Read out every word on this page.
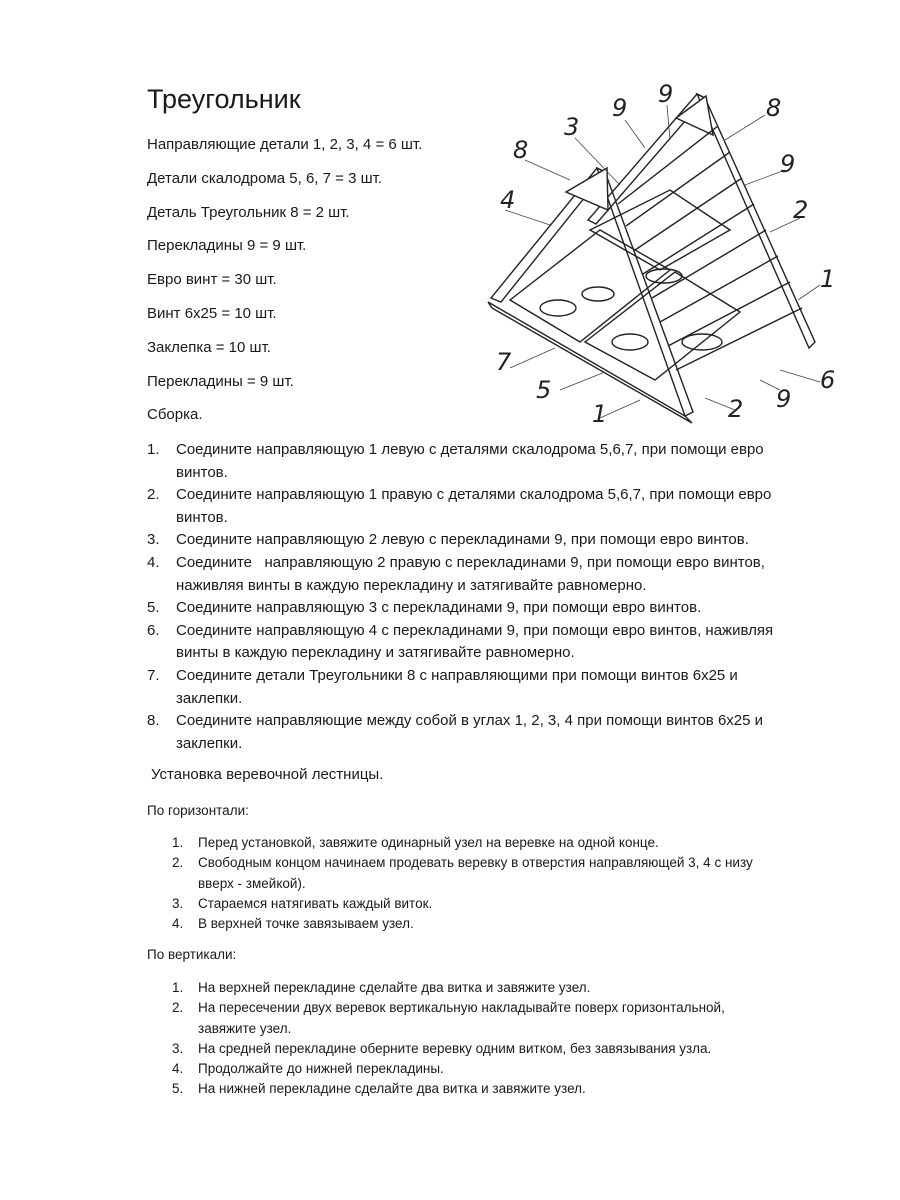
Треугольник
Направляющие детали 1, 2, 3, 4 = 6 шт.
Детали скалодрома 5, 6, 7 = 3 шт.
Деталь Треугольник 8 = 2 шт.
Перекладины 9 = 9 шт.
Евро винт = 30 шт.
Винт 6х25 = 10 шт.
Заклепка = 10 шт.
Перекладины = 9 шт.
Сборка.
9 9	8
3
8	9
4	2
1
7
6
5	9
2
1
1.	Соедините направляющую 1 левую с деталями скалодрома 5,6,7, при помощи евро винтов.
2.	Соедините направляющую 1 правую с деталями скалодрома 5,6,7, при помощи евро винтов.
3.	Соедините направляющую 2 левую с перекладинами 9, при помощи евро винтов.
4.	Соедините   направляющую 2 правую с перекладинами 9, при помощи евро винтов, наживляя винты в каждую перекладину и затягивайте равномерно.
5.	Соедините направляющую 3 с перекладинами 9, при помощи евро винтов.
6.	Соедините направляющую 4 с перекладинами 9, при помощи евро винтов, наживляя винты в каждую перекладину и затягивайте равномерно.
7.	Соедините детали Треугольники 8 с направляющими при помощи винтов 6х25 и заклепки.
8.	Соедините направляющие между собой в углах 1, 2, 3, 4 при помощи винтов 6х25 и заклепки.
Установка веревочной лестницы.
По горизонтали:
1.	Перед установкой, завяжите одинарный узел на веревке на одной конце.
2.	Свободным концом начинаем продевать веревку в отверстия направляющей 3, 4 с низу вверх - змейкой).
3.	Стараемся натягивать каждый виток.
4.	В верхней точке завязываем узел.
По вертикали:
1.	На верхней перекладине сделайте два витка и завяжите узел.
2.	На пересечении двух веревок вертикальную накладывайте поверх горизонтальной, завяжите узел.
3.	На средней перекладине оберните веревку одним витком, без завязывания узла.
4.	Продолжайте до нижней перекладины.
5.	На нижней перекладине сделайте два витка и завяжите узел.
